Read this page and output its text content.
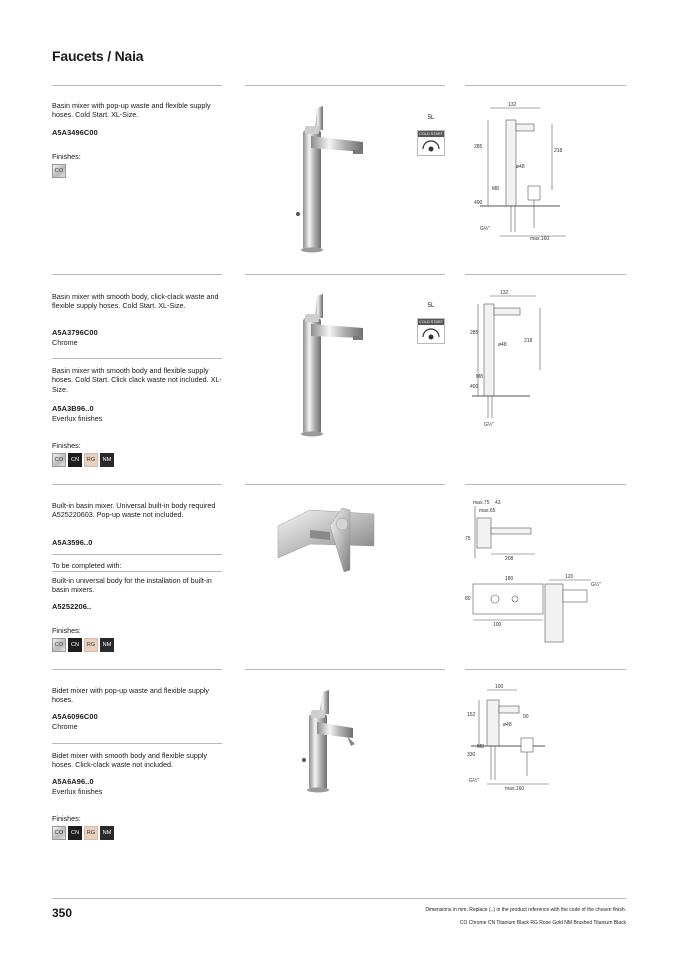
Faucets / Naia
Basin mixer with pop-up waste and flexible supply hoses. Cold Start. XL-Size.
A5A3496C00
Finishes:
CO
5L
COLD START
132
285
218
400
ø48
M8
G½"
max.160
Basin mixer with smooth body, click-clack waste and flexible supply hoses. Cold Start. XL-Size.
A5A3796C00
Chrome
Basin mixer with smooth body and flexible supply hoses. Cold Start. Click clack waste not included. XL-Size.
A5A3B96..0
Everlux finishes
Finishes:
CO	CN	RG	NM
5L
COLD START
132
285
218
400
ø48
M8
G½"
Built-in basin mixer. Universal built-in body required A525220603. Pop-up waste not included.
A5A3596..0
To be completed with:
Built-in universal body for the installation of built-in basin mixers.
A5252206..
Finishes:
CO	CN	RG	NM
max.75 43
max.65
75
208
180	120
80
100
G½"
Bidet mixer with pop-up waste and flexible supply hoses.
A5A6096C00
Chrome
Bidet mixer with smooth body and flexible supply hoses. Click-clack waste not included.
A5A6A96..0
Everlux finishes
Finishes:
CO	CN	RG	NM
100
152	90
330
ø48
M8
G½"
max.160
350	Dimensions in mm. Replace (..) in the product reference with the code of the chosen finish.
CO Chrome CN Titanium Black RG Rose Gold NM Brushed Titanium Black
